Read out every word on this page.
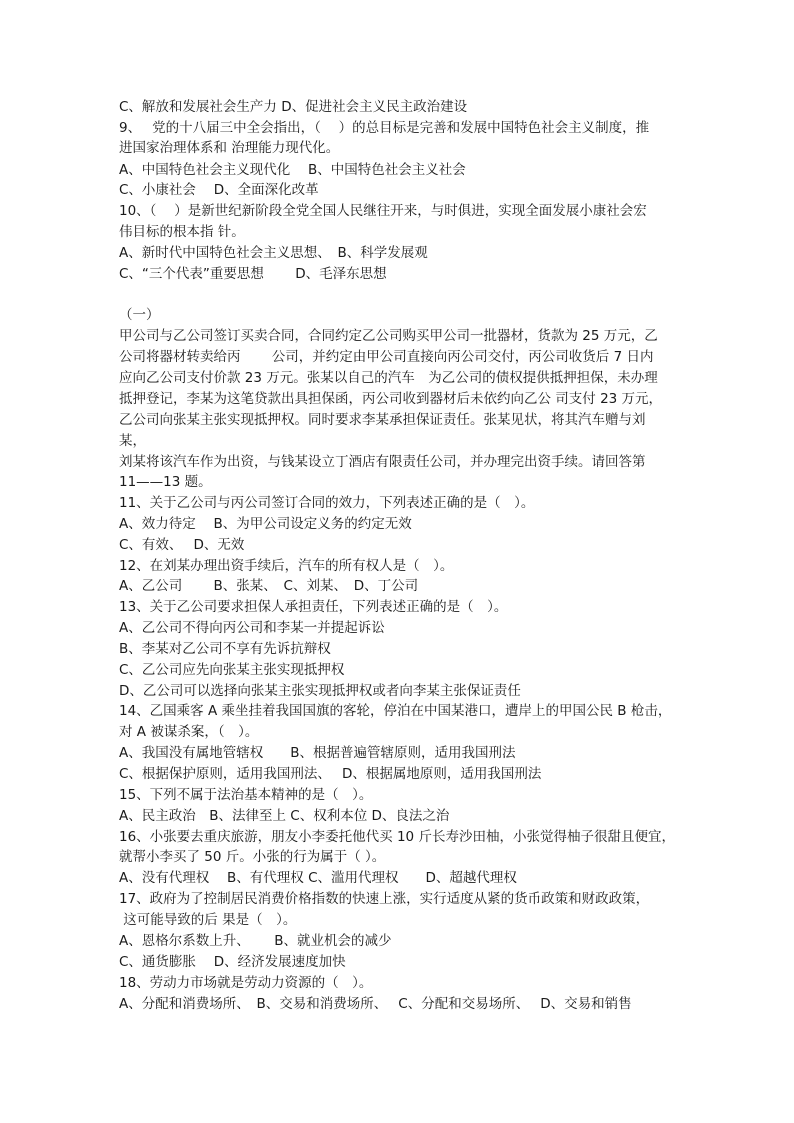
C、解放和发展社会生产力 D、促进社会主义民主政治建设
9、　 党的十八届三中全会指出，（　 ）的总目标是完善和发展中国特色社会主义制度，推
进国家治理体系和 治理能力现代化。
A、中国特色社会主义现代化　 B、中国特色社会主义社会
C、小康社会　 D、全面深化改革
10、（　 ）是新世纪新阶段全党全国人民继往开来，与时俱进，实现全面发展小康社会宏
伟目标的根本指 针。
A、新时代中国特色社会主义思想、　B、科学发展观
C、“三个代表”重要思想　　 D、毛泽东思想
（一）
甲公司与乙公司签订买卖合同，合同约定乙公司购买甲公司一批器材，货款为 25 万元，乙
公司将器材转卖给丙　　 公司，并约定由甲公司直接向丙公司交付，丙公司收货后 7 日内
应向乙公司支付价款 23 万元。张某以自己的汽车　为乙公司的债权提供抵押担保，未办理
抵押登记，李某为这笔贷款出具担保函，丙公司收到器材后未依约向乙公 司支付 23 万元，
乙公司向张某主张实现抵押权。同时要求李某承担保证责任。张某见状，将其汽车赠与刘
某，
刘某将该汽车作为出资，与钱某设立丁酒店有限责任公司，并办理完出资手续。请回答第
11——13 题。
11、关于乙公司与丙公司签订合同的效力，下列表述正确的是（　）。
A、效力待定　 B、为甲公司设定义务的约定无效
C、有效、　 D、无效
12、在刘某办理出资手续后，汽车的所有权人是（　）。
A、乙公司　　 B、张某、　C、刘某、　D、丁公司
13、关于乙公司要求担保人承担责任，下列表述正确的是（　）。
A、乙公司不得向丙公司和李某一并提起诉讼
B、李某对乙公司不享有先诉抗辩权
C、乙公司应先向张某主张实现抵押权
D、乙公司可以选择向张某主张实现抵押权或者向李某主张保证责任
14、乙国乘客 A 乘坐挂着我国国旗的客轮，停泊在中国某港口，遭岸上的甲国公民 B 枪击，
对 A 被谋杀案，（　）。
A、我国没有属地管辖权　　B、根据普遍管辖原则，适用我国刑法
C、根据保护原则，适用我国刑法、　 D、根据属地原则，适用我国刑法
15、下列不属于法治基本精神的是（　）。
A、民主政治　B、法律至上 C、权利本位 D、良法之治
16、小张要去重庆旅游，朋友小李委托他代买 10 斤长寿沙田柚，小张觉得柚子很甜且便宜，
就帮小李买了 50 斤。小张的行为属于（ ）。
A、没有代理权　 B、有代理权 C、滥用代理权　　D、超越代理权
17、政府为了控制居民消费价格指数的快速上涨，实行适度从紧的货币政策和财政政策，
这可能导致的后 果是（　）。
A、恩格尔系数上升、　　 B、就业机会的减少
C、通货膨胀　 D、经济发展速度加快
18、劳动力市场就是劳动力资源的（　）。
A、分配和消费场所、　B、交易和消费场所、　 C、分配和交易场所、　 D、交易和销售
